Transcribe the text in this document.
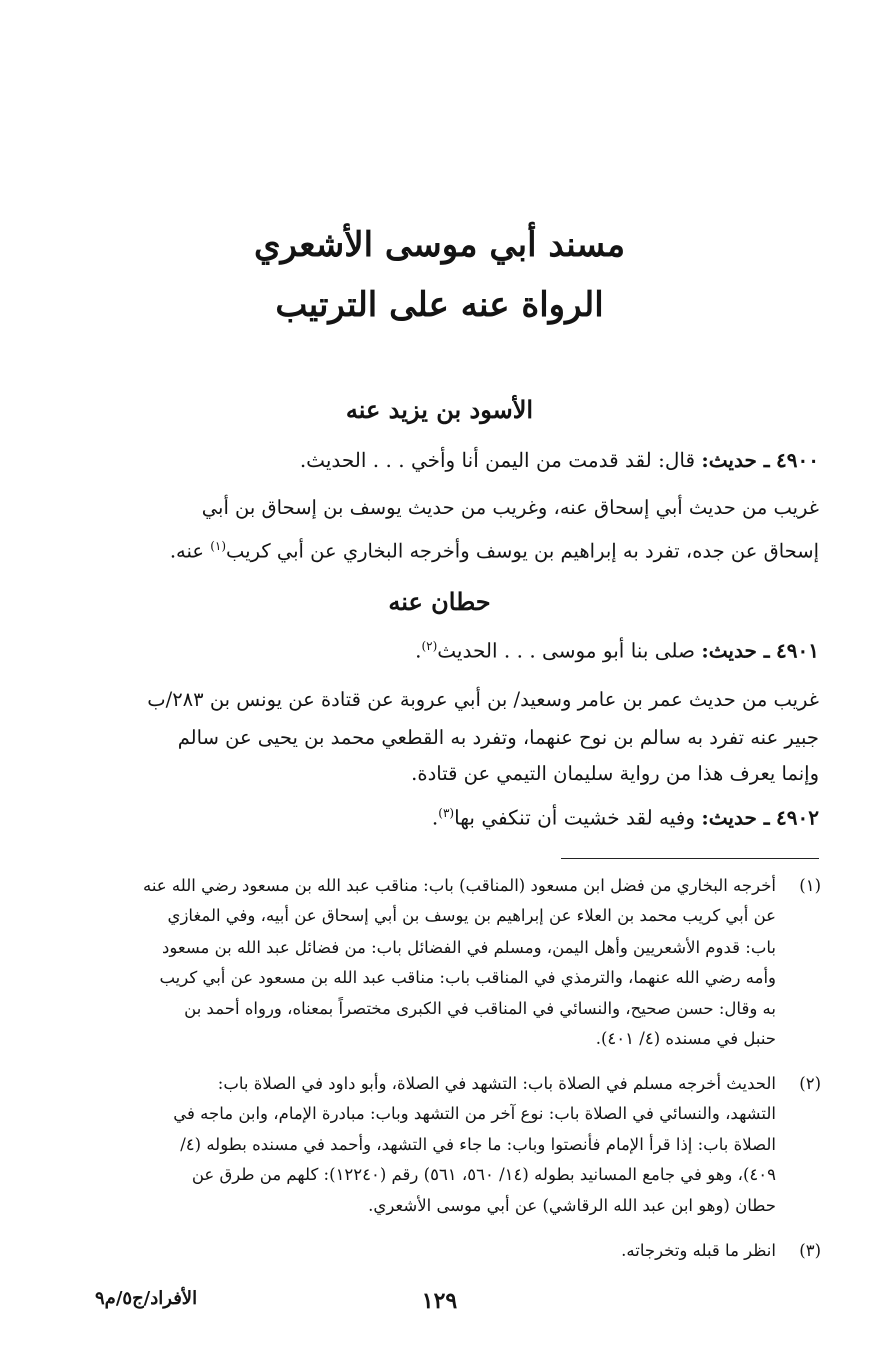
مسند أبي موسى الأشعري
الرواة عنه على الترتيب
الأسود بن يزيد عنه
٤٩٠٠ ـ حديث: قال: لقد قدمت من اليمن أنا وأخي . . . الحديث.
غريب من حديث أبي إسحاق عنه، وغريب من حديث يوسف بن إسحاق بن أبي
إسحاق عن جده، تفرد به إبراهيم بن يوسف وأخرجه البخاري عن أبي كريب$^{(١)}$ عنه.
حطان عنه
٤٩٠١ ـ حديث: صلى بنا أبو موسى . . . الحديث$^{(٢)}$.
غريب من حديث عمر بن عامر وسعيد/ بن أبي عروبة عن قتادة عن يونس بن ٢٨٣/ب
جبير عنه تفرد به سالم بن نوح عنهما، وتفرد به القطعي محمد بن يحيى عن سالم
وإنما يعرف هذا من رواية سليمان التيمي عن قتادة.
٤٩٠٢ ـ حديث: وفيه لقد خشيت أن تنكفي بها$^{(٣)}$.
(١)
أخرجه البخاري من فضل ابن مسعود (المناقب) باب: مناقب عبد الله بن مسعود رضي الله عنه
عن أبي كريب محمد بن العلاء عن إبراهيم بن يوسف بن أبي إسحاق عن أبيه، وفي المغازي
باب: قدوم الأشعريين وأهل اليمن، ومسلم في الفضائل باب: من فضائل عبد الله بن مسعود
وأمه رضي الله عنهما، والترمذي في المناقب باب: مناقب عبد الله بن مسعود عن أبي كريب
به وقال: حسن صحيح، والنسائي في المناقب في الكبرى مختصراً بمعناه، ورواه أحمد بن
حنبل في مسنده (٤/ ٤٠١).
(٢)
الحديث أخرجه مسلم في الصلاة باب: التشهد في الصلاة، وأبو داود في الصلاة باب:
التشهد، والنسائي في الصلاة باب: نوع آخر من التشهد وباب: مبادرة الإمام، وابن ماجه في
الصلاة باب: إذا قرأ الإمام فأنصتوا وباب: ما جاء في التشهد، وأحمد في مسنده بطوله (٤/
٤٠٩)، وهو في جامع المسانيد بطوله (١٤/ ٥٦٠، ٥٦١) رقم (١٢٢٤٠): كلهم من طرق عن
حطان (وهو ابن عبد الله الرقاشي) عن أبي موسى الأشعري.
(٣)
انظر ما قبله وتخرجاته.
١٢٩
الأفراد/ج٥/م٩
